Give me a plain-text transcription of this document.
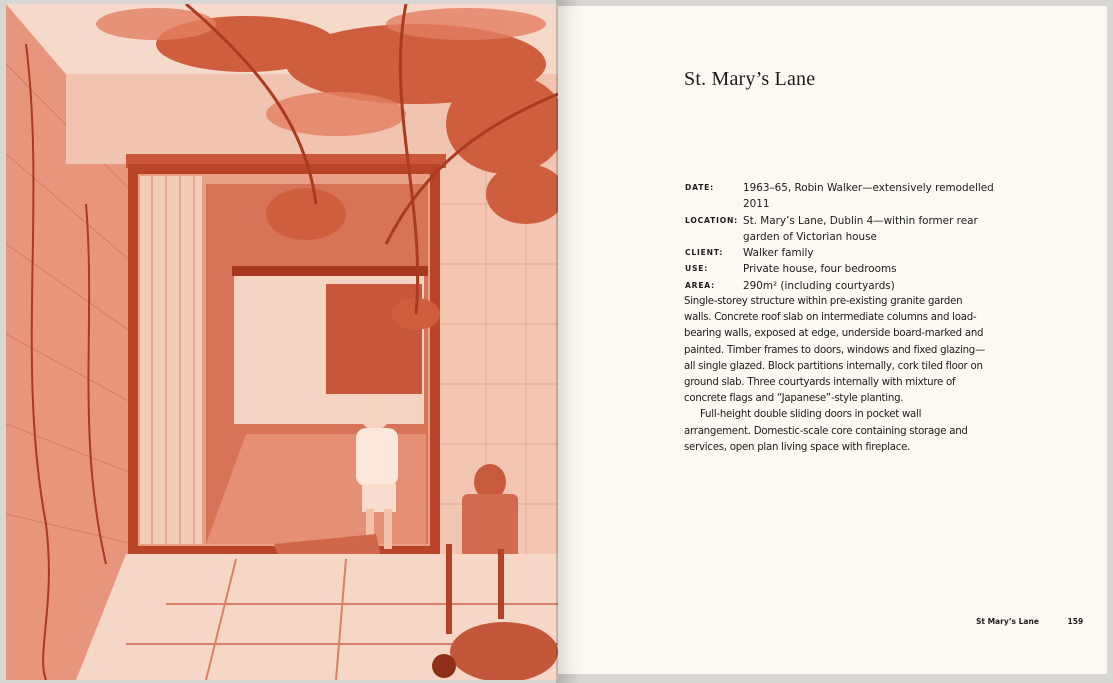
St. Mary’s Lane
DATE:	1963–65, Robin Walker—extensively remodelled 2011
LOCATION: St. Mary’s Lane, Dublin 4—within former rear garden of Victorian house
CLIENT:	Walker family
USE:	Private house, four bedrooms
AREA:	290m² (including courtyards)

Single-storey structure within pre-existing granite garden walls. Concrete roof slab on intermediate columns and load-bearing walls, exposed at edge, underside board-marked and painted. Timber frames to doors, windows and fixed glazing—all single glazed. Block partitions internally, cork tiled floor on ground slab. Three courtyards internally with mixture of concrete flags and “Japanese”-style planting.

Full-height double sliding doors in pocket wall arrangement. Domestic-scale core containing storage and services, open plan living space with fireplace.

St Mary’s Lane	159
